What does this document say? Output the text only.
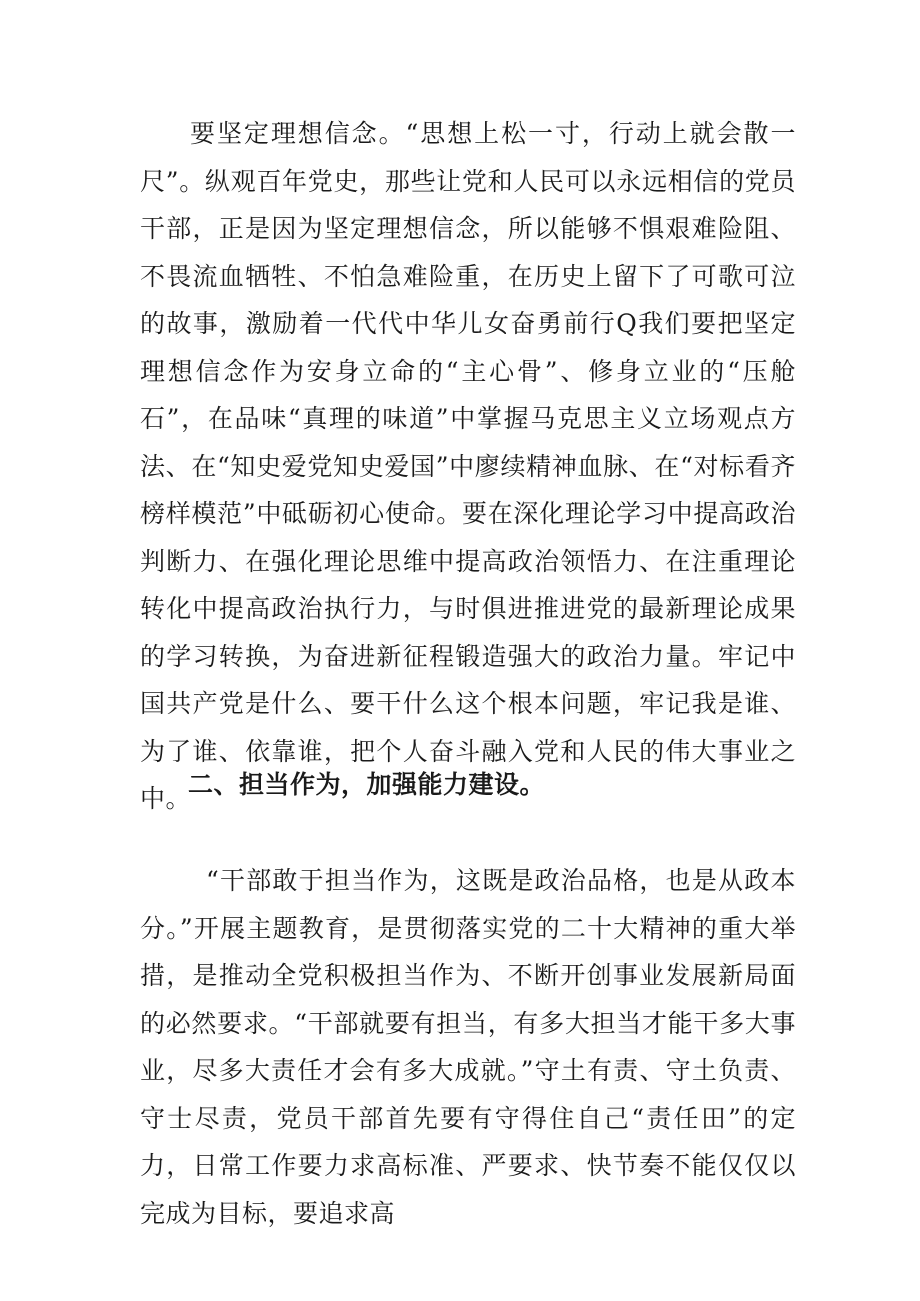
要坚定理想信念。“思想上松一寸，行动上就会散一尺”。纵观百年党史，那些让党和人民可以永远相信的党员干部，正是因为坚定理想信念，所以能够不惧艰难险阻、不畏流血牺牲、不怕急难险重，在历史上留下了可歌可泣的故事，激励着一代代中华儿女奋勇前行Q我们要把坚定理想信念作为安身立命的“主心骨”、修身立业的“压舱石”，在品味“真理的味道”中掌握马克思主义立场观点方法、在“知史爱党知史爱国”中廖续精神血脉、在“对标看齐榜样模范”中砥砺初心使命。要在深化理论学习中提高政治判断力、在强化理论思维中提高政治领悟力、在注重理论转化中提高政治执行力，与时俱进推进党的最新理论成果的学习转换，为奋进新征程锻造强大的政治力量。牢记中国共产党是什么、要干什么这个根本问题，牢记我是谁、为了谁、依靠谁，把个人奋斗融入党和人民的伟大事业之中。

二、担当作为，加强能力建设。

“干部敢于担当作为，这既是政治品格，也是从政本分。”开展主题教育，是贯彻落实党的二十大精神的重大举措，是推动全党积极担当作为、不断开创事业发展新局面的必然要求。“干部就要有担当，有多大担当才能干多大事业，尽多大责任才会有多大成就。”守土有责、守土负责、守士尽责，党员干部首先要有守得住自己“责任田”的定力，日常工作要力求高标准、严要求、快节奏不能仅仅以完成为目标，要追求高
